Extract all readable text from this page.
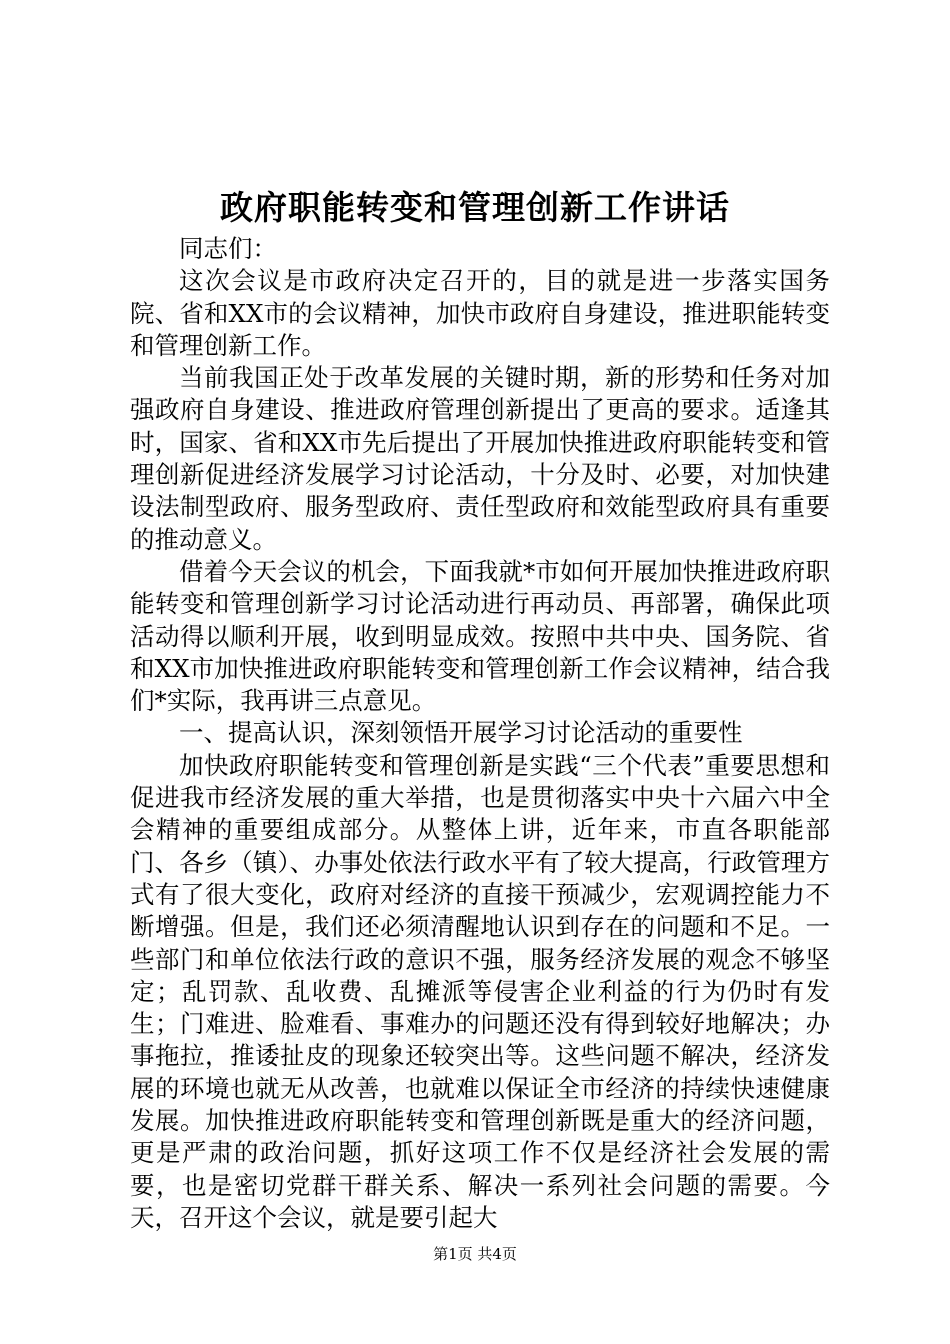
政府职能转变和管理创新工作讲话

同志们：

这次会议是市政府决定召开的，目的就是进一步落实国务院、省和XX市的会议精神，加快市政府自身建设，推进职能转变和管理创新工作。

当前我国正处于改革发展的关键时期，新的形势和任务对加强政府自身建设、推进政府管理创新提出了更高的要求。适逢其时，国家、省和XX市先后提出了开展加快推进政府职能转变和管理创新促进经济发展学习讨论活动，十分及时、必要，对加快建设法制型政府、服务型政府、责任型政府和效能型政府具有重要的推动意义。

借着今天会议的机会，下面我就*市如何开展加快推进政府职能转变和管理创新学习讨论活动进行再动员、再部署，确保此项活动得以顺利开展，收到明显成效。按照中共中央、国务院、省和XX市加快推进政府职能转变和管理创新工作会议精神，结合我们*实际，我再讲三点意见。

一、提高认识，深刻领悟开展学习讨论活动的重要性

加快政府职能转变和管理创新是实践“三个代表”重要思想和促进我市经济发展的重大举措，也是贯彻落实中央十六届六中全会精神的重要组成部分。从整体上讲，近年来，市直各职能部门、各乡（镇）、办事处依法行政水平有了较大提高，行政管理方式有了很大变化，政府对经济的直接干预减少，宏观调控能力不断增强。但是，我们还必须清醒地认识到存在的问题和不足。一些部门和单位依法行政的意识不强，服务经济发展的观念不够坚定；乱罚款、乱收费、乱摊派等侵害企业利益的行为仍时有发生；门难进、脸难看、事难办的问题还没有得到较好地解决；办事拖拉，推诿扯皮的现象还较突出等。这些问题不解决，经济发展的环境也就无从改善，也就难以保证全市经济的持续快速健康发展。加快推进政府职能转变和管理创新既是重大的经济问题，更是严肃的政治问题，抓好这项工作不仅是经济社会发展的需要，也是密切党群干群关系、解决一系列社会问题的需要。今天，召开这个会议，就是要引起大

第1页 共4页
